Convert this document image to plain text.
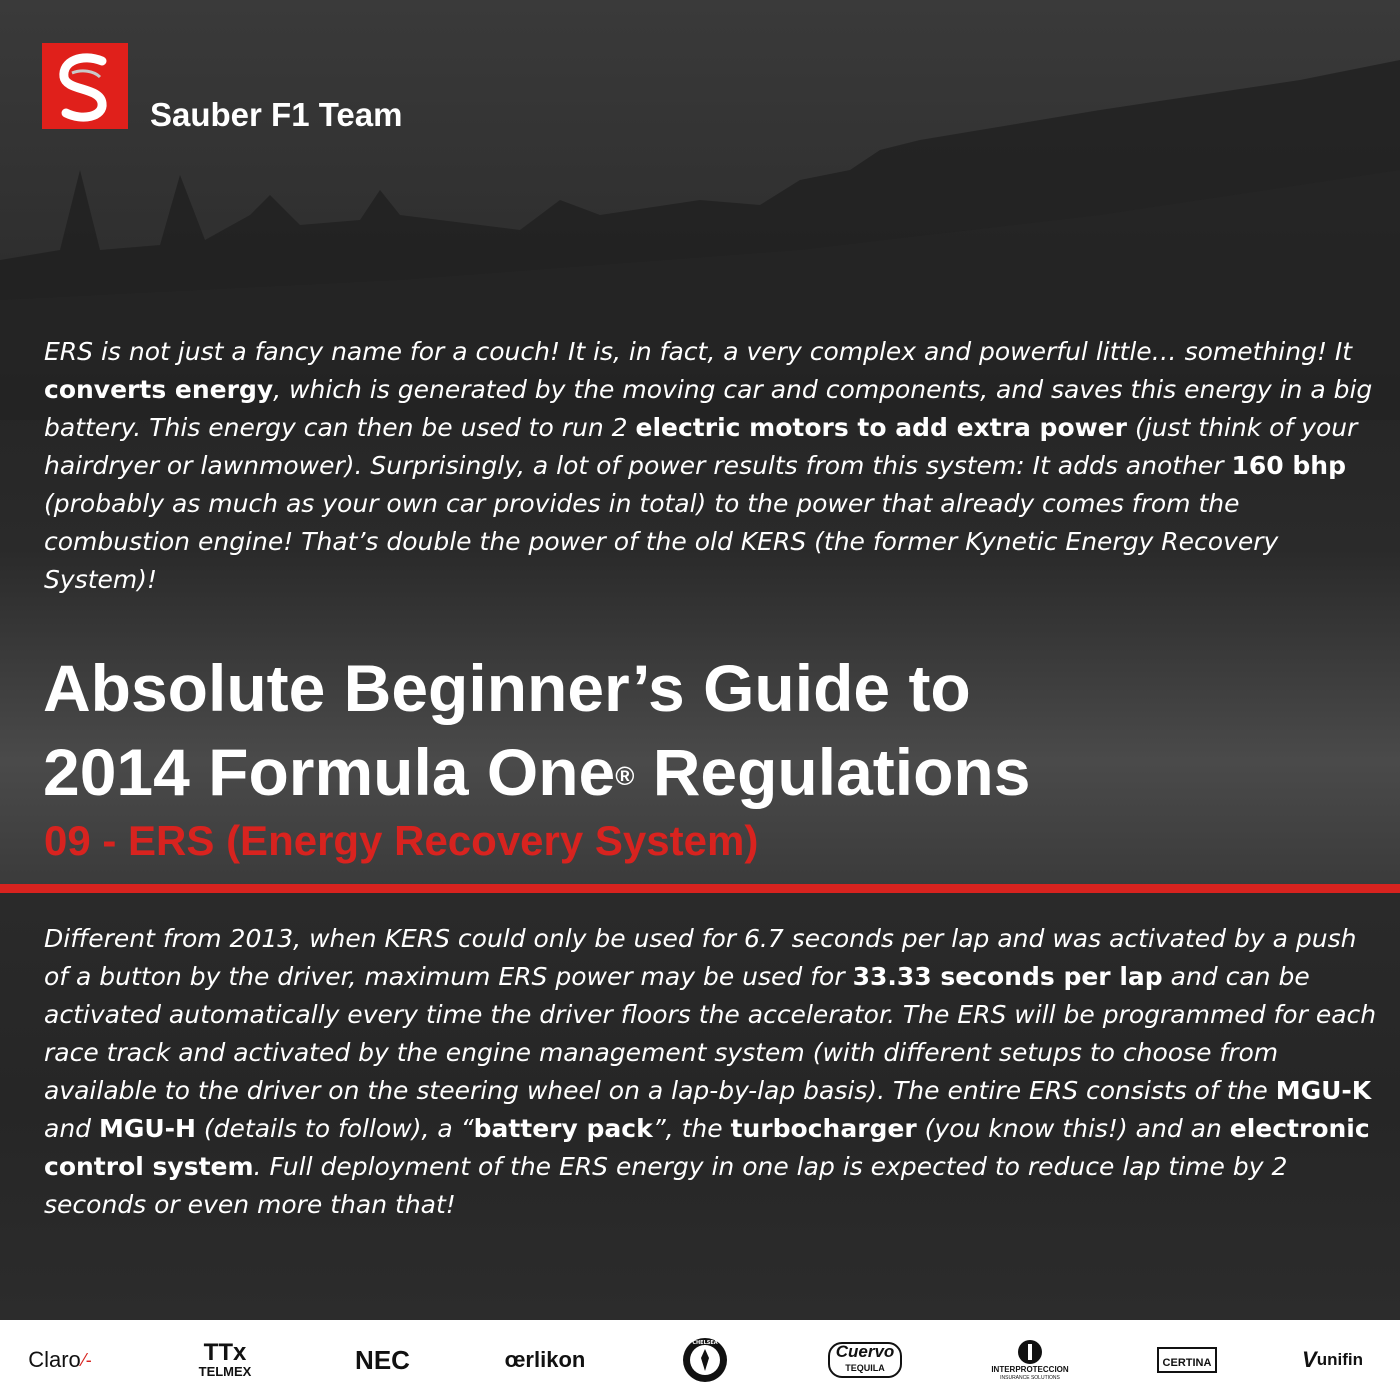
Sauber F1 Team
ERS is not just a fancy name for a couch! It is, in fact, a very complex and powerful little… something! It converts energy, which is generated by the moving car and components, and saves this energy in a big battery. This energy can then be used to run 2 electric motors to add extra power (just think of your hairdryer or lawnmower). Surprisingly, a lot of power results from this system: It adds another 160 bhp (probably as much as your own car provides in total) to the power that already comes from the combustion engine! That’s double the power of the old KERS (the former Kynetic Energy Recovery System)!
Absolute Beginner’s Guide to
2014 Formula One® Regulations
09 - ERS (Energy Recovery System)
Different from 2013, when KERS could only be used for 6.7 seconds per lap and was activated by a push of a button by the driver, maximum ERS power may be used for 33.33 seconds per lap and can be activated automatically every time the driver floors the accelerator. The ERS will be programmed for each race track and activated by the engine management system (with different setups to choose from available to the driver on the steering wheel on a lap-by-lap basis). The entire ERS consists of the MGU-K and MGU-H (details to follow), a “battery pack”, the turbocharger (you know this!) and an electronic control system. Full deployment of the ERS energy in one lap is expected to reduce lap time by 2 seconds or even more than that!
Claro ⁄-	TTx
TELMEX	NEC	œrlikon
CHELSEA	Cuervo
TEQUILA	INTERPROTECCION
INSURANCE SOLUTIONS
CERTINA	V unifin
